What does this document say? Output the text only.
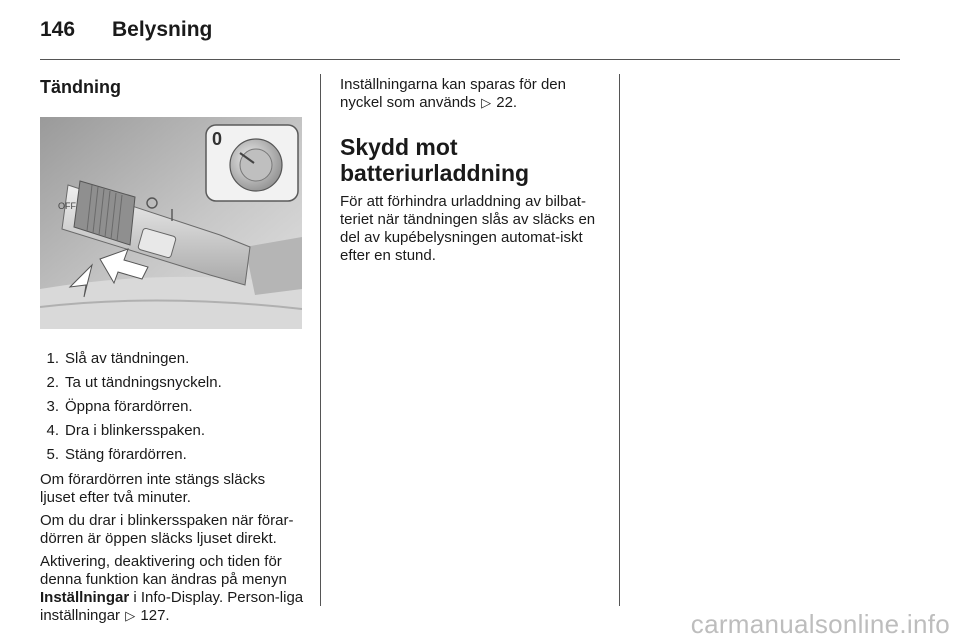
146	Belysning
Tändning
OFF
0
1. Slå av tändningen.
2. Ta ut tändningsnyckeln.
3. Öppna förardörren.
4. Dra i blinkersspaken.
5. Stäng förardörren.

Om förardörren inte stängs släcks ljuset efter två minuter.

Om du drar i blinkersspaken när förar-dörren är öppen släcks ljuset direkt.

Aktivering, deaktivering och tiden för denna funktion kan ändras på menyn Inställningar i Info-Display. Person-liga inställningar ▷ 127.

Inställningarna kan sparas för den nyckel som används ▷ 22.

Skydd mot
batteriurladdning

För att förhindra urladdning av bilbat-teriet när tändningen slås av släcks en del av kupébelysningen automat-iskt efter en stund.

carmanualsonline.info
